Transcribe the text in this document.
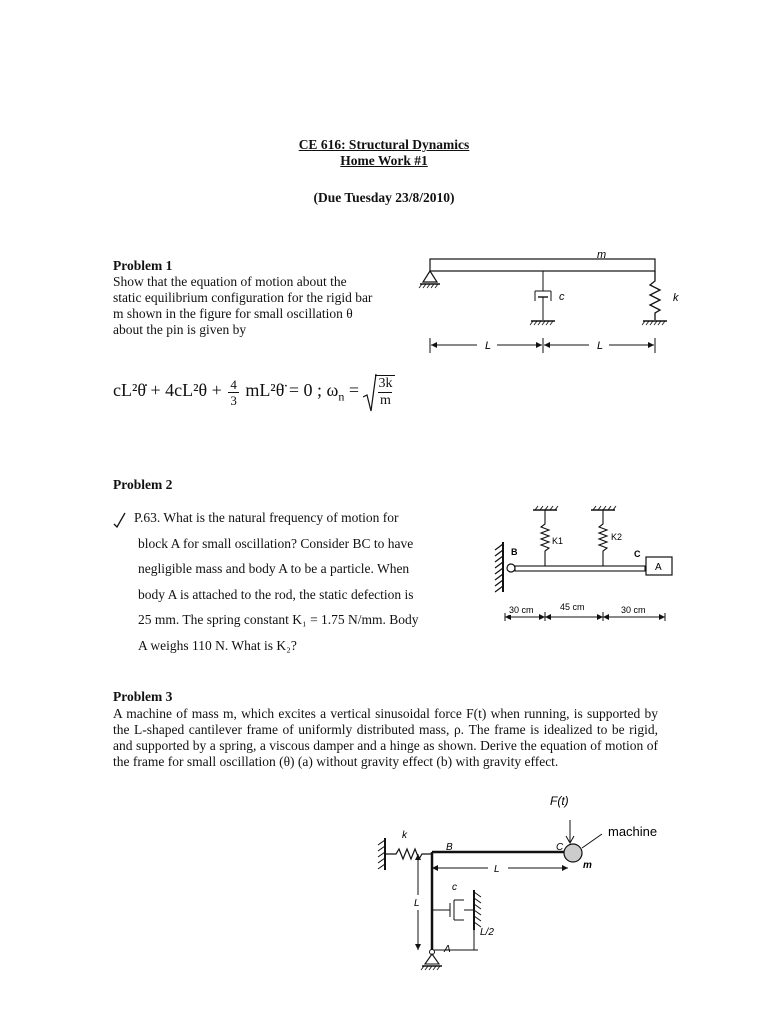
CE 616: Structural Dynamics
Home Work #1
(Due Tuesday 23/8/2010)
Problem 1
Show that the equation of motion about the
static equilibrium configuration for the rigid bar
m shown in the figure for small oscillation θ
about the pin is given by
cL²θ̇ + $4cL^2\theta + \frac{4}{3}$ mL²θ̈ = 0 ; $\omega_n = \frac{3k}{m}$
m
c	k
L	L
Problem 2
P.63. What is the natural frequency of motion for
block A for small oscillation? Consider BC to have
negligible mass and body A to be a particle. When
body A is attached to the rod, the static defection is
25 mm. The spring constant K₁ = 1.75 N/mm. Body
A weighs 110 N. What is K₂?
B
A
C
K1	K2
30 cm	45 cm	30 cm
Problem 3
A machine of mass m, which excites a vertical sinusoidal force F(t) when running, is supported by the L-shaped cantilever frame of uniformly distributed mass, ρ. The frame is idealized to be rigid, and supported by a spring, a viscous damper and a hinge as shown. Derive the equation of motion of the frame for small oscillation (θ) (a) without gravity effect (b) with gravity effect.
F(t)
machine
k
B	C
m
L
c
L
L/2
A
